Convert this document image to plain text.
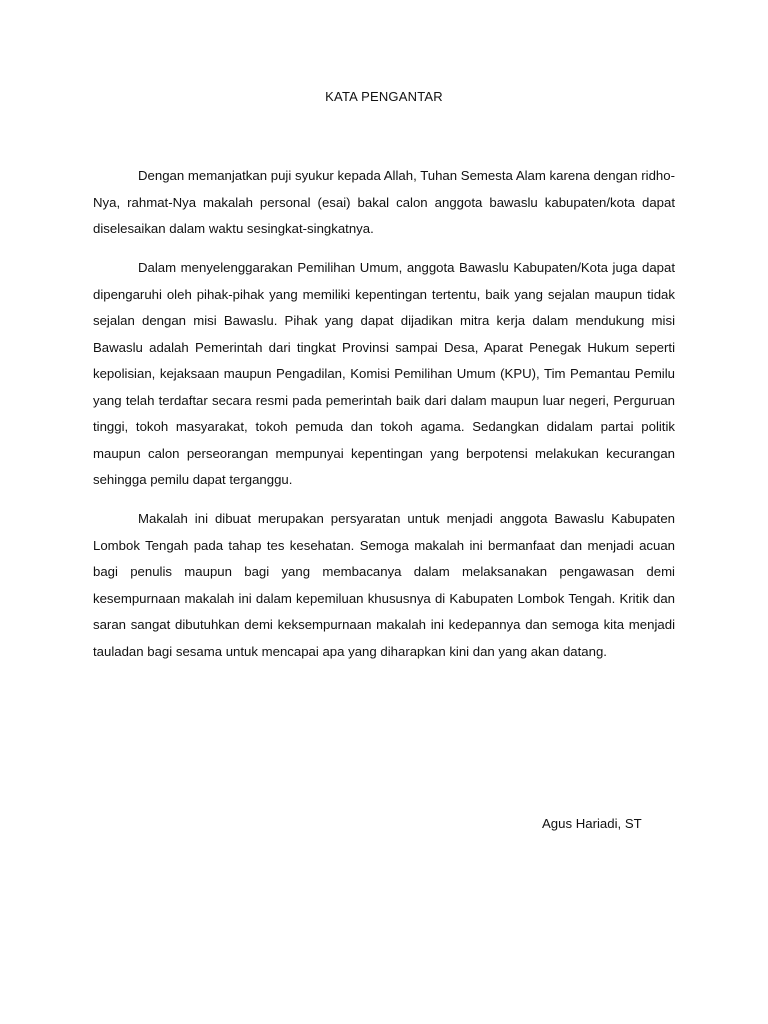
KATA PENGANTAR

Dengan memanjatkan puji syukur kepada Allah, Tuhan Semesta Alam karena dengan ridho-Nya, rahmat-Nya makalah personal (esai) bakal calon anggota bawaslu kabupaten/kota dapat diselesaikan dalam waktu sesingkat-singkatnya.

Dalam menyelenggarakan Pemilihan Umum, anggota Bawaslu Kabupaten/Kota juga dapat dipengaruhi oleh pihak-pihak yang memiliki kepentingan tertentu, baik yang sejalan maupun tidak sejalan dengan misi Bawaslu. Pihak yang dapat dijadikan mitra kerja dalam mendukung misi Bawaslu adalah Pemerintah dari tingkat Provinsi sampai Desa, Aparat Penegak Hukum seperti kepolisian, kejaksaan maupun Pengadilan, Komisi Pemilihan Umum (KPU), Tim Pemantau Pemilu yang telah terdaftar secara resmi pada pemerintah baik dari dalam maupun luar negeri, Perguruan tinggi, tokoh masyarakat, tokoh pemuda dan tokoh agama. Sedangkan didalam partai politik maupun calon perseorangan mempunyai kepentingan yang berpotensi melakukan kecurangan sehingga pemilu dapat terganggu.

Makalah ini dibuat merupakan persyaratan untuk menjadi anggota Bawaslu Kabupaten Lombok Tengah pada tahap tes kesehatan. Semoga makalah ini bermanfaat dan menjadi acuan bagi penulis maupun bagi yang membacanya dalam melaksanakan pengawasan demi kesempurnaan makalah ini dalam kepemiluan khususnya di Kabupaten Lombok Tengah. Kritik dan saran sangat dibutuhkan demi keksempurnaan makalah ini kedepannya dan semoga kita menjadi tauladan bagi sesama untuk mencapai apa yang diharapkan kini dan yang akan datang.

Agus Hariadi, ST
